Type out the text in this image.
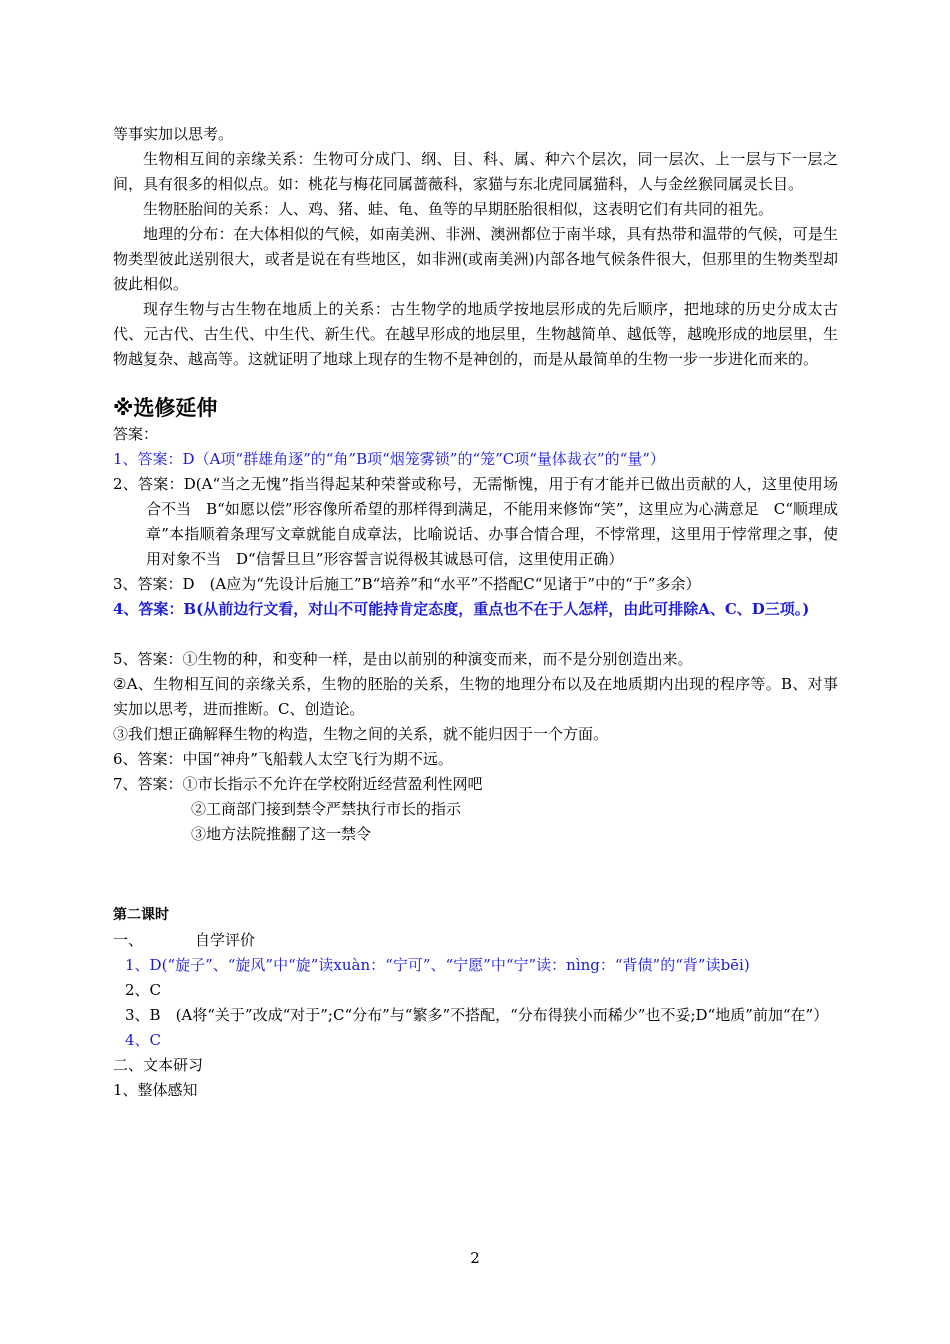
等事实加以思考。

生物相互间的亲缘关系：生物可分成门、纲、目、科、属、种六个层次，同一层次、上一层与下一层之间，具有很多的相似点。如：桃花与梅花同属蔷薇科，家猫与东北虎同属猫科，人与金丝猴同属灵长目。

生物胚胎间的关系：人、鸡、猪、蛙、龟、鱼等的早期胚胎很相似，这表明它们有共同的祖先。

地理的分布：在大体相似的气候，如南美洲、非洲、澳洲都位于南半球，具有热带和温带的气候，可是生物类型彼此送别很大，或者是说在有些地区，如非洲(或南美洲)内部各地气候条件很大，但那里的生物类型却彼此相似。

现存生物与古生物在地质上的关系：古生物学的地质学按地层形成的先后顺序，把地球的历史分成太古代、元古代、古生代、中生代、新生代。在越早形成的地层里，生物越简单、越低等，越晚形成的地层里，生物越复杂、越高等。这就证明了地球上现存的生物不是神创的，而是从最简单的生物一步一步进化而来的。

※选修延伸

答案：

1、答案：D（A项“群雄角逐”的“角”B项“烟笼雾锁”的“笼”C项“量体裁衣”的“量”）

2、答案：D(A“当之无愧”指当得起某种荣誉或称号，无需惭愧，用于有才能并已做出贡献的人，这里使用场合不当　B“如愿以偿”形容像所希望的那样得到满足，不能用来修饰“笑”，这里应为心满意足　C“顺理成章”本指顺着条理写文章就能自成章法，比喻说话、办事合情合理，不悖常理，这里用于悖常理之事，使用对象不当　D“信誓旦旦”形容誓言说得极其诚恳可信，这里使用正确）

3、答案：D　(A应为“先设计后施工”B“培养”和“水平”不搭配C“见诸于”中的“于”多余）

4、答案：B(从前边行文看，对山不可能持肯定态度，重点也不在于人怎样，由此可排除A、C、D三项。)

5、答案：①生物的种，和变种一样，是由以前别的种演变而来，而不是分别创造出来。

②A、生物相互间的亲缘关系，生物的胚胎的关系，生物的地理分布以及在地质期内出现的程序等。B、对事实加以思考，进而推断。C、创造论。

③我们想正确解释生物的构造，生物之间的关系，就不能归因于一个方面。

6、答案：中国“神舟”飞船载人太空飞行为期不远。

7、答案：①市长指示不允许在学校附近经营盈利性网吧

②工商部门接到禁令严禁执行市长的指示

③地方法院推翻了这一禁令

第二课时

一、	自学评价

1、D(“旋子”、“旋风”中“旋”读xuàn：“宁可”、“宁愿”中“宁”读：nìng：“背债”的“背”读bēi)

2、C

3、B　(A将“关于”改成“对于”;C“分布”与“繁多”不搭配，“分布得狭小而稀少”也不妥;D“地质”前加“在”）

4、C

二、文本研习

1、整体感知

2
